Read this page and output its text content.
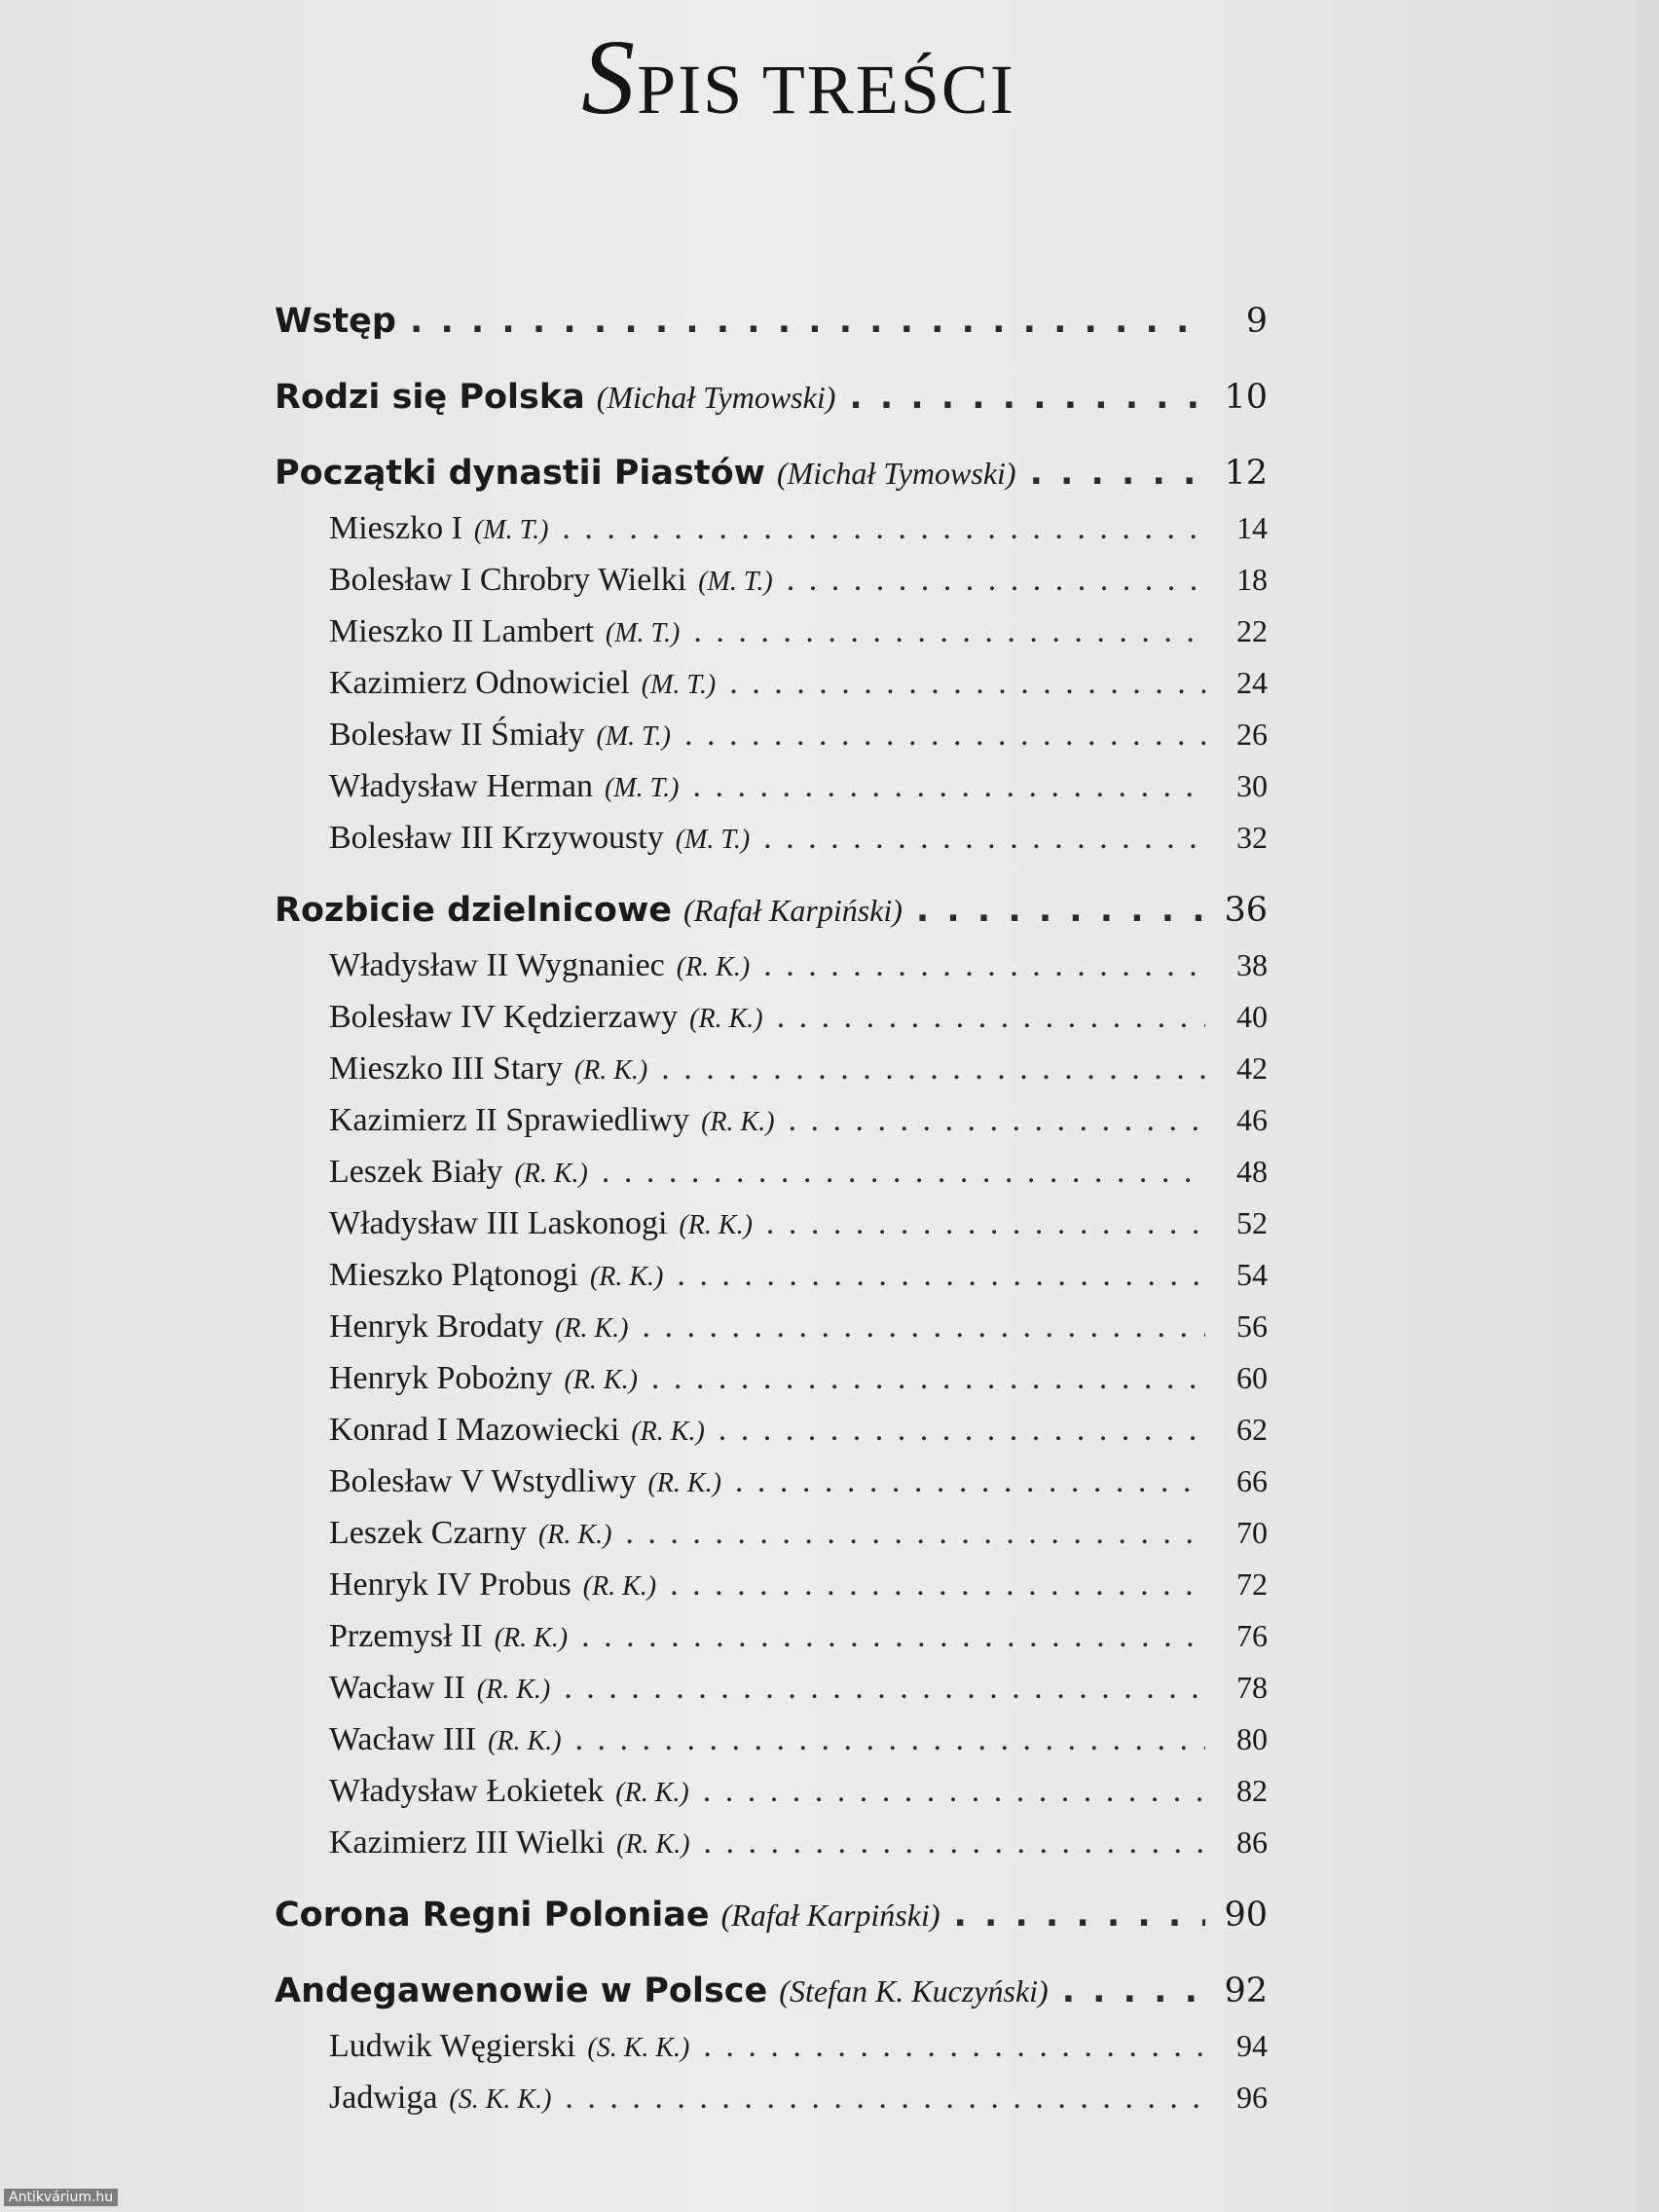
SPIS TREŚCI
Wstęp . . .	9
Rodzi się Polska (Michał Tymowski) . . .	10
Początki dynastii Piastów (Michał Tymowski) . . .	12
Mieszko I (M. T.) . . .	14
Bolesław I Chrobry Wielki (M. T.) . . .	18
Mieszko II Lambert (M. T.) . . .	22
Kazimierz Odnowiciel (M. T.) . . .	24
Bolesław II Śmiały (M. T.) . . .	26
Władysław Herman (M. T.) . . .	30
Bolesław III Krzywousty (M. T.) . . .	32
Rozbicie dzielnicowe (Rafał Karpiński) . . .	36
Władysław II Wygnaniec (R. K.) . . .	38
Bolesław IV Kędzierzawy (R. K.) . . .	40
Mieszko III Stary (R. K.) . . .	42
Kazimierz II Sprawiedliwy (R. K.) . . .	46
Leszek Biały (R. K.) . . .	48
Władysław III Laskonogi (R. K.) . . .	52
Mieszko Plątonogi (R. K.) . . .	54
Henryk Brodaty (R. K.) . . .	56
Henryk Pobożny (R. K.) . . .	60
Konrad I Mazowiecki (R. K.) . . .	62
Bolesław V Wstydliwy (R. K.) . . .	66
Leszek Czarny (R. K.) . . .	70
Henryk IV Probus (R. K.) . . .	72
Przemysł II (R. K.) . . .	76
Wacław II (R. K.) . . .	78
Wacław III (R. K.) . . .	80
Władysław Łokietek (R. K.) . . .	82
Kazimierz III Wielki (R. K.) . . .	86
Corona Regni Poloniae (Rafał Karpiński) . . .	90
Andegawenowie w Polsce (Stefan K. Kuczyński) . . .	92
Ludwik Węgierski (S. K. K.) . . .	94
Jadwiga (S. K. K.) . . .	96
Antikvárium.hu
